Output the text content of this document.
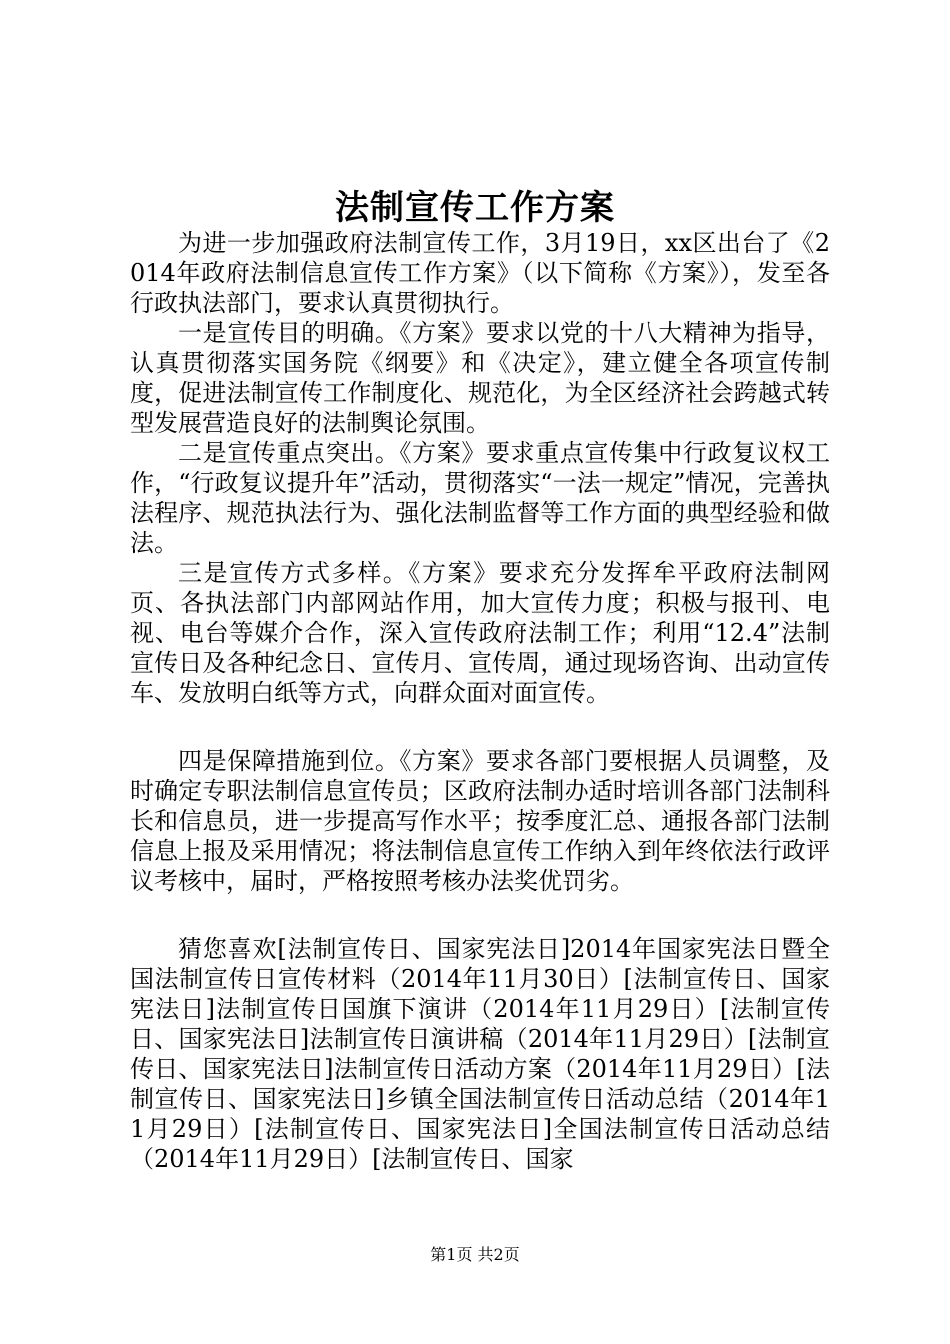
法制宣传工作方案

为进一步加强政府法制宣传工作，3月19日，xx区出台了《2014年政府法制信息宣传工作方案》（以下简称《方案》），发至各行政执法部门，要求认真贯彻执行。

一是宣传目的明确。《方案》要求以党的十八大精神为指导，认真贯彻落实国务院《纲要》和《决定》，建立健全各项宣传制度，促进法制宣传工作制度化、规范化，为全区经济社会跨越式转型发展营造良好的法制舆论氛围。

二是宣传重点突出。《方案》要求重点宣传集中行政复议权工作，“行政复议提升年”活动，贯彻落实“一法一规定”情况，完善执法程序、规范执法行为、强化法制监督等工作方面的典型经验和做法。

三是宣传方式多样。《方案》要求充分发挥牟平政府法制网页、各执法部门内部网站作用，加大宣传力度；积极与报刊、电视、电台等媒介合作，深入宣传政府法制工作；利用“12.4”法制宣传日及各种纪念日、宣传月、宣传周，通过现场咨询、出动宣传车、发放明白纸等方式，向群众面对面宣传。

四是保障措施到位。《方案》要求各部门要根据人员调整，及时确定专职法制信息宣传员；区政府法制办适时培训各部门法制科长和信息员，进一步提高写作水平；按季度汇总、通报各部门法制信息上报及采用情况；将法制信息宣传工作纳入到年终依法行政评议考核中，届时，严格按照考核办法奖优罚劣。

猜您喜欢[法制宣传日、国家宪法日]2014年国家宪法日暨全国法制宣传日宣传材料（2014年11月30日）[法制宣传日、国家宪法日]法制宣传日国旗下演讲（2014年11月29日）[法制宣传日、国家宪法日]法制宣传日演讲稿（2014年11月29日）[法制宣传日、国家宪法日]法制宣传日活动方案（2014年11月29日）[法制宣传日、国家宪法日]乡镇全国法制宣传日活动总结（2014年11月29日）[法制宣传日、国家宪法日]全国法制宣传日活动总结（2014年11月29日）[法制宣传日、国家

第1页 共2页
